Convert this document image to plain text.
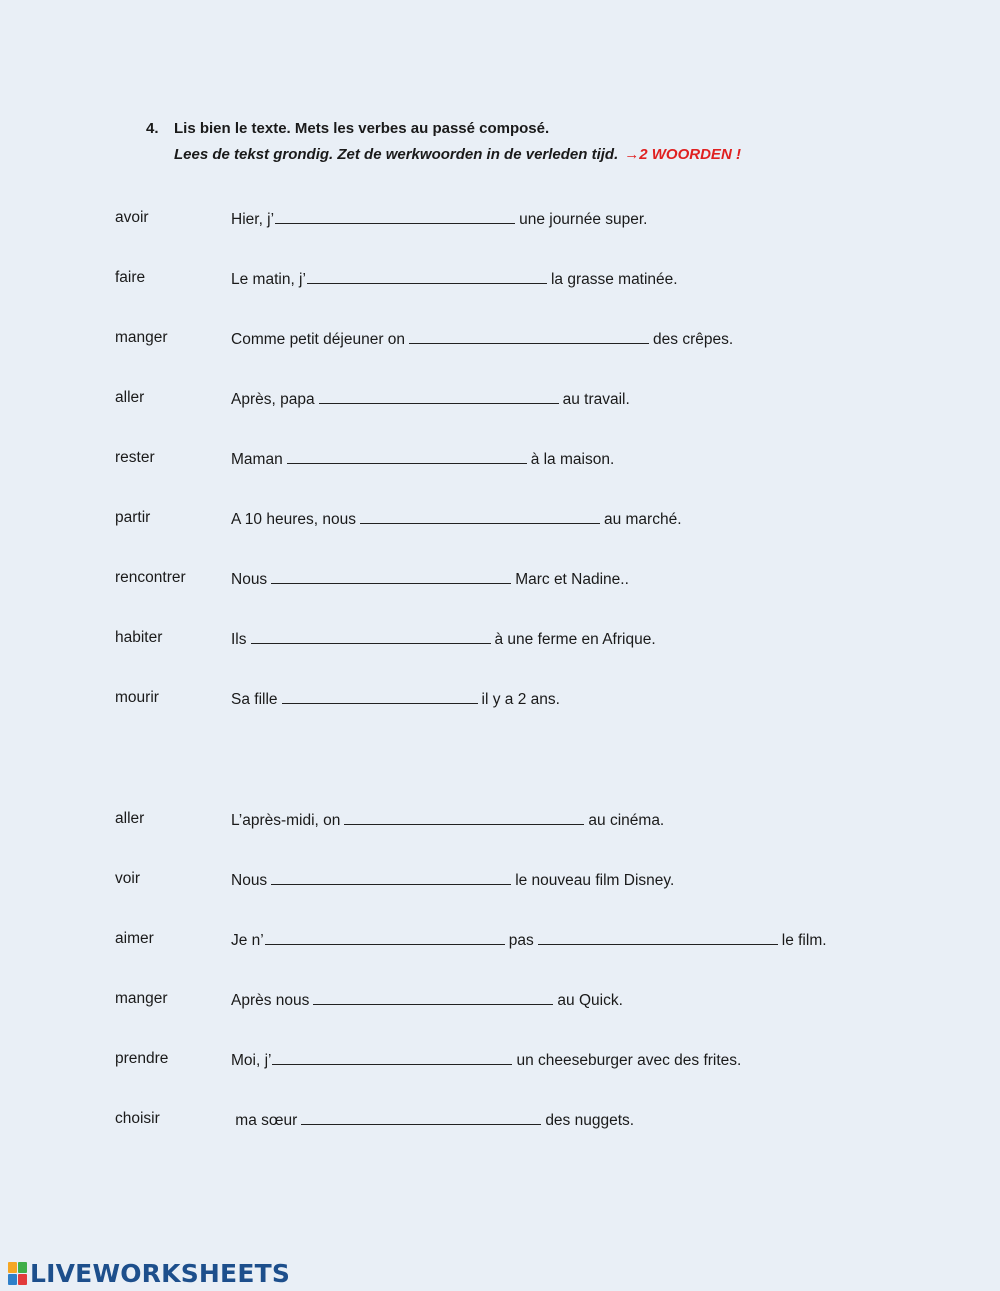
4. Lis bien le texte. Mets les verbes au passé composé.
Lees de tekst grondig. Zet de werkwoorden in de verleden tijd. →2 WOORDEN !
avoir	Hier, j’	une journée super.
faire	Le matin, j’	la grasse matinée.
manger	Comme petit déjeuner on	des crêpes.
aller	Après, papa	au travail.
rester	Maman	à la maison.
partir	A 10 heures, nous	au marché.
rencontrer	Nous	Marc et Nadine..
habiter	Ils	à une ferme en Afrique.
mourir	Sa fille	il y a 2 ans.
aller	L’après-midi, on	au cinéma.
voir	Nous	le nouveau film Disney.
aimer	Je n’	pas	le film.
manger	Après nous	au Quick.
prendre	Moi, j’	un cheeseburger avec des frites.
choisir	ma sœur	des nuggets.
LIVEWORKSHEETS
